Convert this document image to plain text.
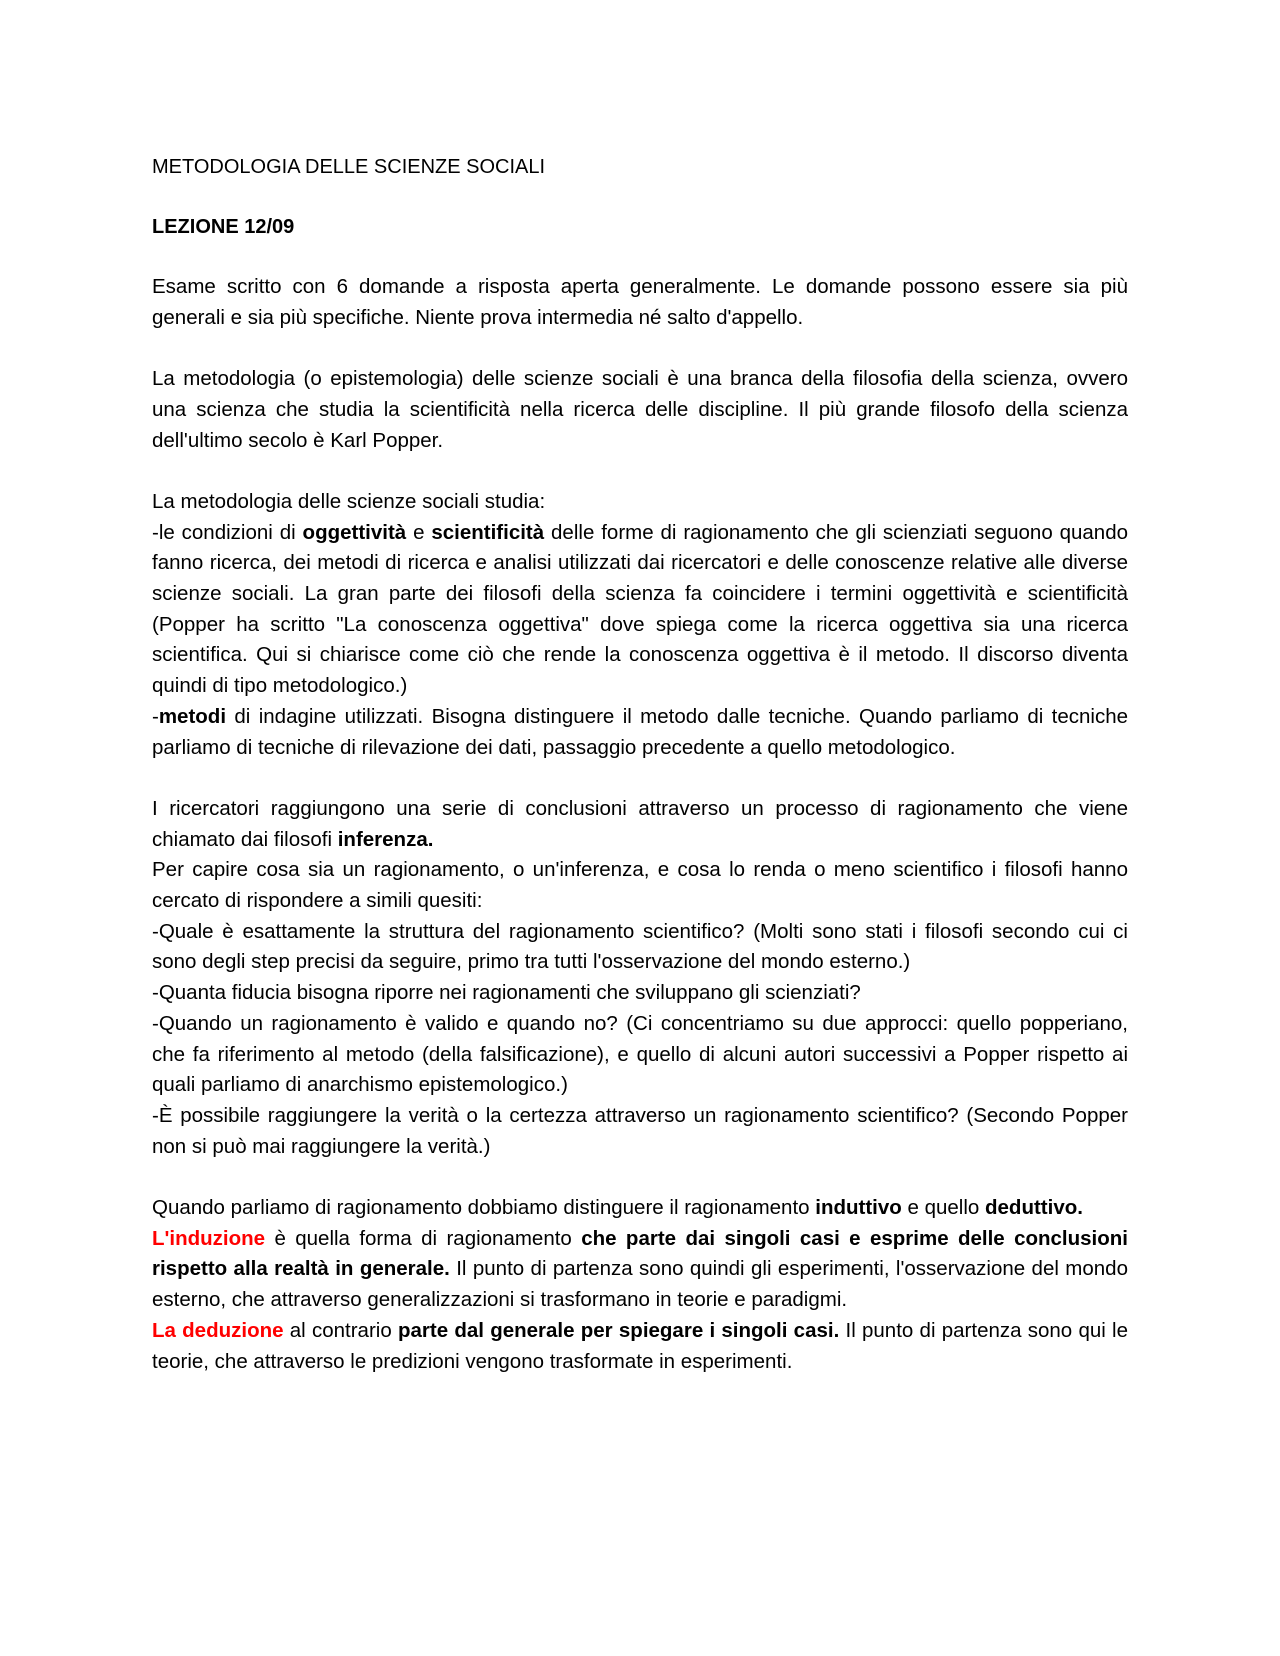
METODOLOGIA DELLE SCIENZE SOCIALI
LEZIONE 12/09

Esame scritto con 6 domande a risposta aperta generalmente. Le domande possono essere sia più generali e sia più specifiche. Niente prova intermedia né salto d'appello.

La metodologia (o epistemologia) delle scienze sociali è una branca della filosofia della scienza, ovvero una scienza che studia la scientificità nella ricerca delle discipline. Il più grande filosofo della scienza dell'ultimo secolo è Karl Popper.

La metodologia delle scienze sociali studia:

-le condizioni di oggettività e scientificità delle forme di ragionamento che gli scienziati seguono quando fanno ricerca, dei metodi di ricerca e analisi utilizzati dai ricercatori e delle conoscenze relative alle diverse scienze sociali. La gran parte dei filosofi della scienza fa coincidere i termini oggettività e scientificità (Popper ha scritto "La conoscenza oggettiva" dove spiega come la ricerca oggettiva sia una ricerca scientifica. Qui si chiarisce come ciò che rende la conoscenza oggettiva è il metodo. Il discorso diventa quindi di tipo metodologico.)

-metodi di indagine utilizzati. Bisogna distinguere il metodo dalle tecniche. Quando parliamo di tecniche parliamo di tecniche di rilevazione dei dati, passaggio precedente a quello metodologico.

I ricercatori raggiungono una serie di conclusioni attraverso un processo di ragionamento che viene chiamato dai filosofi inferenza.

Per capire cosa sia un ragionamento, o un'inferenza, e cosa lo renda o meno scientifico i filosofi hanno cercato di rispondere a simili quesiti:

-Quale è esattamente la struttura del ragionamento scientifico? (Molti sono stati i filosofi secondo cui ci sono degli step precisi da seguire, primo tra tutti l'osservazione del mondo esterno.)

-Quanta fiducia bisogna riporre nei ragionamenti che sviluppano gli scienziati?

-Quando un ragionamento è valido e quando no? (Ci concentriamo su due approcci: quello popperiano, che fa riferimento al metodo (della falsificazione), e quello di alcuni autori successivi a Popper rispetto ai quali parliamo di anarchismo epistemologico.)

-È possibile raggiungere la verità o la certezza attraverso un ragionamento scientifico? (Secondo Popper non si può mai raggiungere la verità.)

Quando parliamo di ragionamento dobbiamo distinguere il ragionamento induttivo e quello deduttivo.

L'induzione è quella forma di ragionamento che parte dai singoli casi e esprime delle conclusioni rispetto alla realtà in generale. Il punto di partenza sono quindi gli esperimenti, l'osservazione del mondo esterno, che attraverso generalizzazioni si trasformano in teorie e paradigmi.

La deduzione al contrario parte dal generale per spiegare i singoli casi. Il punto di partenza sono qui le teorie, che attraverso le predizioni vengono trasformate in esperimenti.
